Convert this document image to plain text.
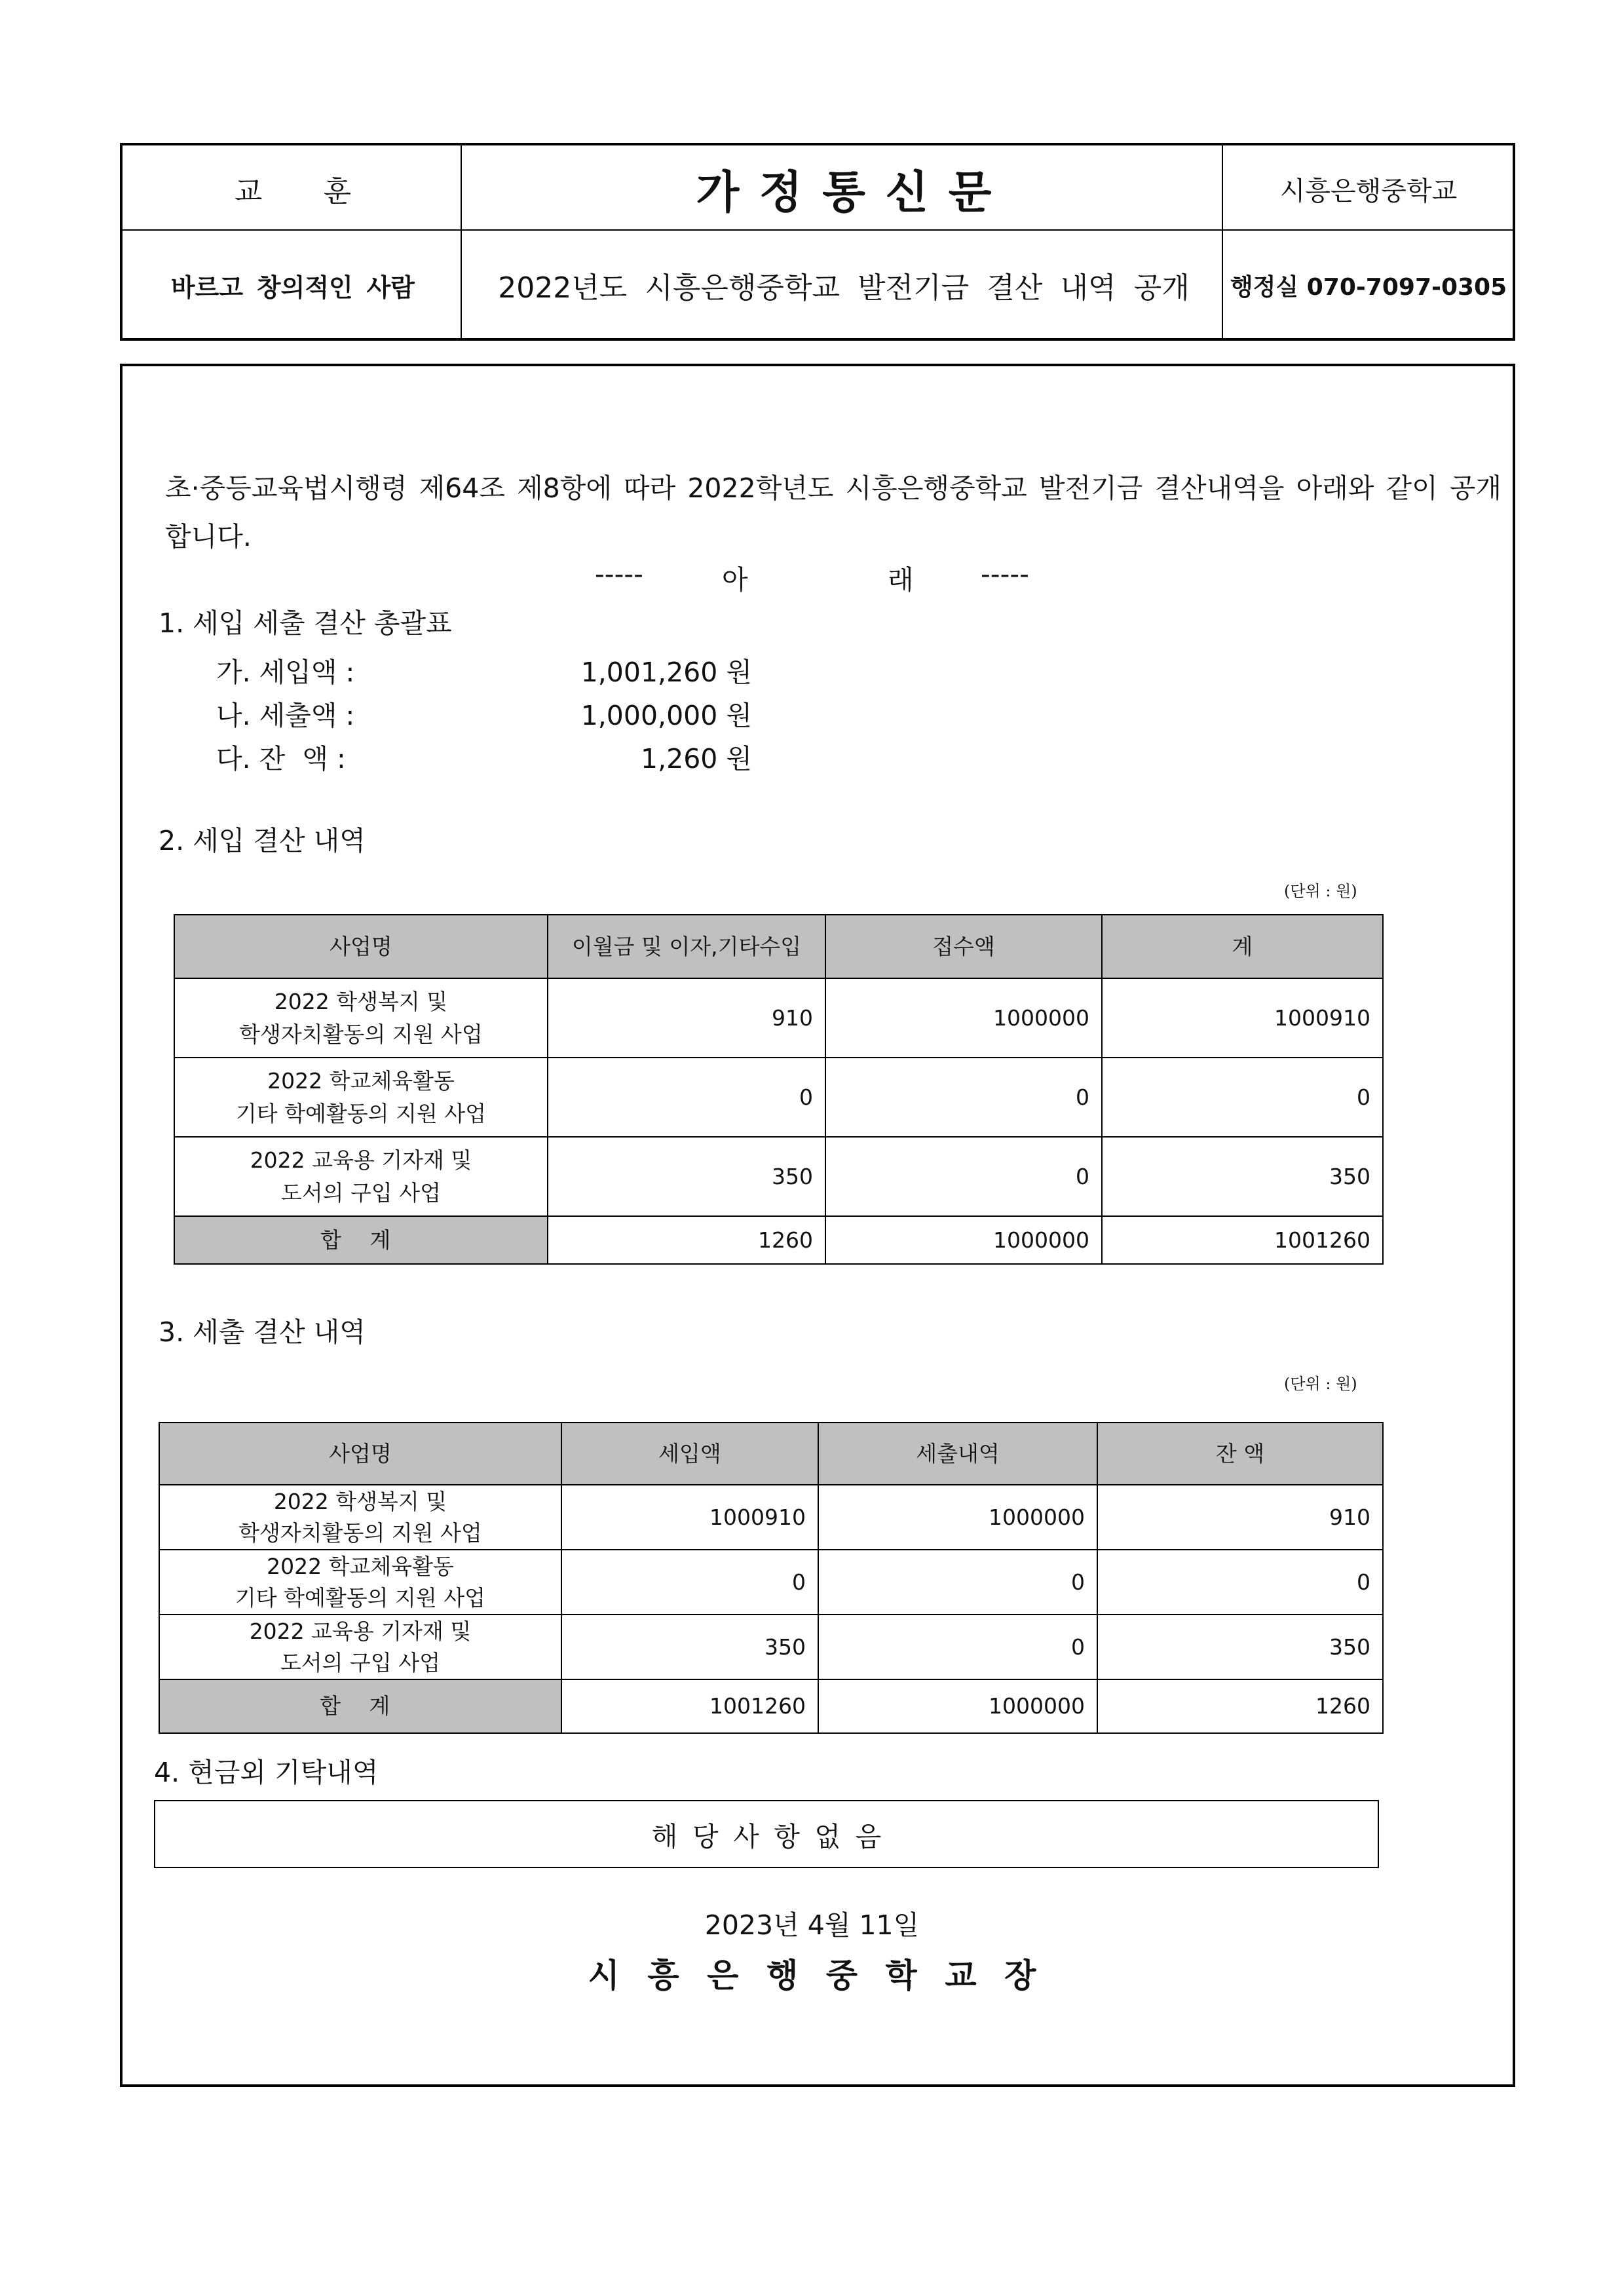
교 훈	가정통신문	시흥은행중학교
바르고 창의적인 사람	2022년도 시흥은행중학교 발전기금 결산 내역 공개	행정실 070-7097-0305
초·중등교육법시행령 제64조 제8항에 따라 2022학년도 시흥은행중학교 발전기금 결산내역을 아래와 같이 공개합니다.
-----	아	래 -----
1. 세입 세출 결산 총괄표
가. 세입액 :	1,001,260 원
나. 세출액 :	1,000,000 원
다. 잔  액 :	1,260 원
2. 세입 결산 내역
(단위 : 원)
사업명	이월금 및 이자,기타수입	접수액	계

2022 학생복지 및
학생자치활동의 지원 사업	910	1000000	1000910

2022 학교체육활동
기타 학예활동의 지원 사업	0	0	0

2022 교육용 기자재 및
도서의 구입 사업	350	0	350
합 계	1260	1000000	1001260
3. 세출 결산 내역
(단위 : 원)
사업명	세입액	세출내역	잔 액

2022 학생복지 및
학생자치활동의 지원 사업	1000910	1000000	910

2022 학교체육활동
기타 학예활동의 지원 사업	0	0	0

2022 교육용 기자재 및
도서의 구입 사업	350	0	350
합 계	1001260	1000000	1260
4. 현금외 기탁내역
해당사항없음
2023년 4월 11일
시흥은행중학교장
